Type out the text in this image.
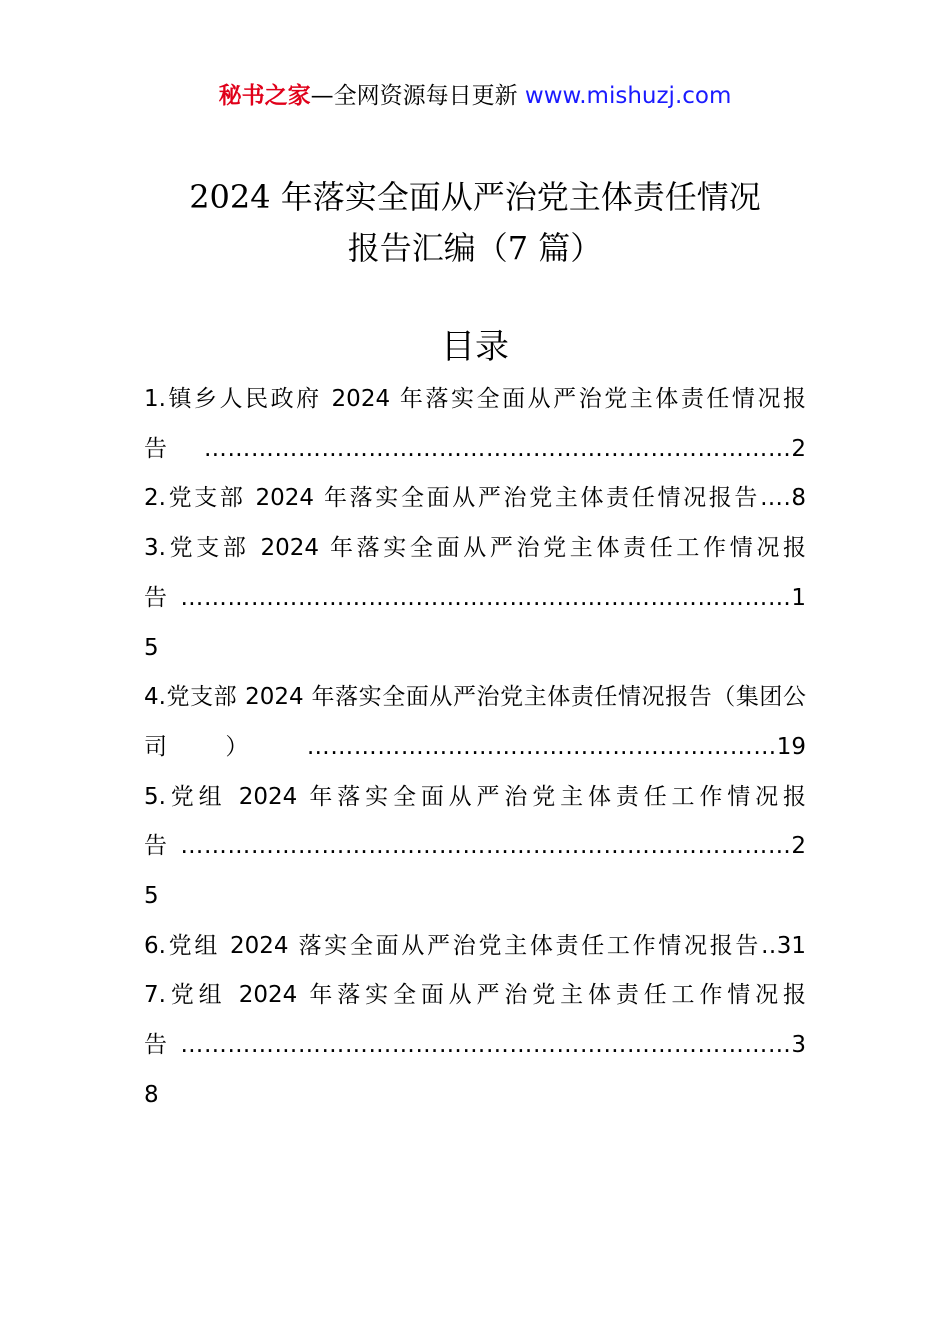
秘书之家—全网资源每日更新 www.mishuzj.com
2024 年落实全面从严治党主体责任情况
报告汇编（7 篇）
目录
1.镇乡人民政府 2024 年落实全面从严治党主体责任情况报告…………………………………………………………………2
2.党支部 2024 年落实全面从严治党主体责任情况报告….8
3.党支部 2024 年落实全面从严治党主体责任工作情况报告……………………………………………………………………15
4.党支部 2024 年落实全面从严治党主体责任情况报告（集团公司）……………………………………………………19
5.党组 2024 年落实全面从严治党主体责任工作情况报告……………………………………………………………………25
6.党组 2024 落实全面从严治党主体责任工作情况报告..31
7.党组 2024 年落实全面从严治党主体责任工作情况报告……………………………………………………………………38
